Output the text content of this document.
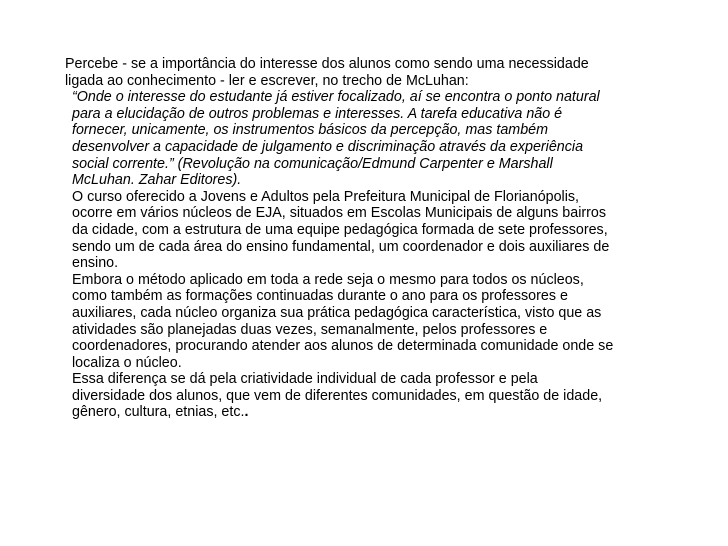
Percebe - se a importância do interesse dos alunos como sendo uma necessidade
ligada ao conhecimento - ler e escrever, no trecho de McLuhan:

“Onde o interesse do estudante já estiver focalizado, aí se encontra o ponto natural
para a elucidação de outros problemas e interesses. A tarefa educativa não é
fornecer, unicamente, os instrumentos básicos da percepção, mas também
desenvolver a capacidade de julgamento e discriminação através da experiência
social corrente.” (Revolução na comunicação/Edmund Carpenter e Marshall
McLuhan. Zahar Editores).

O curso oferecido a Jovens e Adultos pela Prefeitura Municipal de Florianópolis,
ocorre em vários núcleos de EJA, situados em Escolas Municipais de alguns bairros
da cidade, com a estrutura de uma equipe pedagógica formada de sete professores,
sendo um de cada área do ensino fundamental, um coordenador e dois auxiliares de
ensino.

Embora o método aplicado em toda a rede seja o mesmo para todos os núcleos,
como também as formações continuadas durante o ano para os professores e
auxiliares, cada núcleo organiza sua prática pedagógica característica, visto que as
atividades são planejadas duas vezes, semanalmente, pelos professores e
coordenadores, procurando atender aos alunos de determinada comunidade onde se
localiza o núcleo.

Essa diferença se dá pela criatividade individual de cada professor e pela
diversidade dos alunos, que vem de diferentes comunidades, em questão de idade,
gênero, cultura, etnias, etc..
